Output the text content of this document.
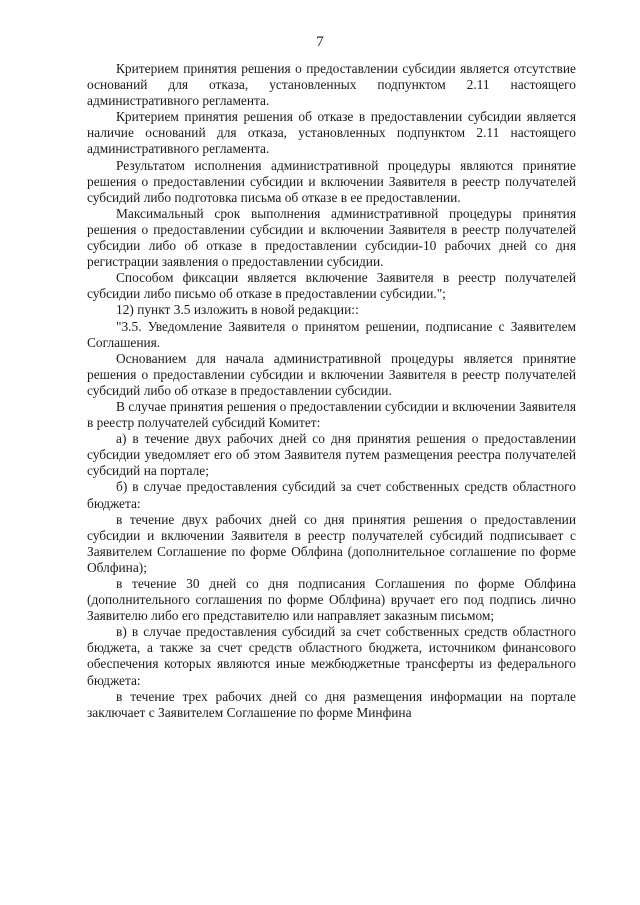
7

Критерием принятия решения о предоставлении субсидии является отсутствие оснований для отказа, установленных подпунктом 2.11 настоящего административного регламента.

Критерием принятия решения об отказе в предоставлении субсидии является наличие оснований для отказа, установленных подпунктом 2.11 настоящего административного регламента.

Результатом исполнения административной процедуры являются принятие решения о предоставлении субсидии и включении Заявителя в реестр получателей субсидий либо подготовка письма об отказе в ее предоставлении.

Максимальный срок выполнения административной процедуры принятия решения о предоставлении субсидии и включении Заявителя в реестр получателей субсидии либо об отказе в предоставлении субсидии-10 рабочих дней со дня регистрации заявления о предоставлении субсидии.

Способом фиксации является включение Заявителя в реестр получателей субсидии либо письмо об отказе в предоставлении субсидии.";

12) пункт 3.5 изложить в новой редакции::

"3.5. Уведомление Заявителя о принятом решении, подписание с Заявителем Соглашения.

Основанием для начала административной процедуры является принятие решения о предоставлении субсидии и включении Заявителя в реестр получателей субсидий либо об отказе в предоставлении субсидии.

В случае принятия решения о предоставлении субсидии и включении Заявителя в реестр получателей субсидий Комитет:

а) в течение двух рабочих дней со дня принятия решения о предоставлении субсидии уведомляет его об этом Заявителя путем размещения реестра получателей субсидий на портале;

б) в случае предоставления субсидий за счет собственных средств областного бюджета:

в течение двух рабочих дней со дня принятия решения о предоставлении субсидии и включении Заявителя в реестр получателей субсидий подписывает с Заявителем Соглашение по форме Облфина (дополнительное соглашение по форме Облфина);

в течение 30 дней со дня подписания Соглашения по форме Облфина (дополнительного соглашения по форме Облфина) вручает его под подпись лично Заявителю либо его представителю или направляет заказным письмом;

в) в случае предоставления субсидий за счет собственных средств областного бюджета, а также за счет средств областного бюджета, источником финансового обеспечения которых являются иные межбюджетные трансферты из федерального бюджета:

в течение трех рабочих дней со дня размещения информации на портале заключает с Заявителем Соглашение по форме Минфина
